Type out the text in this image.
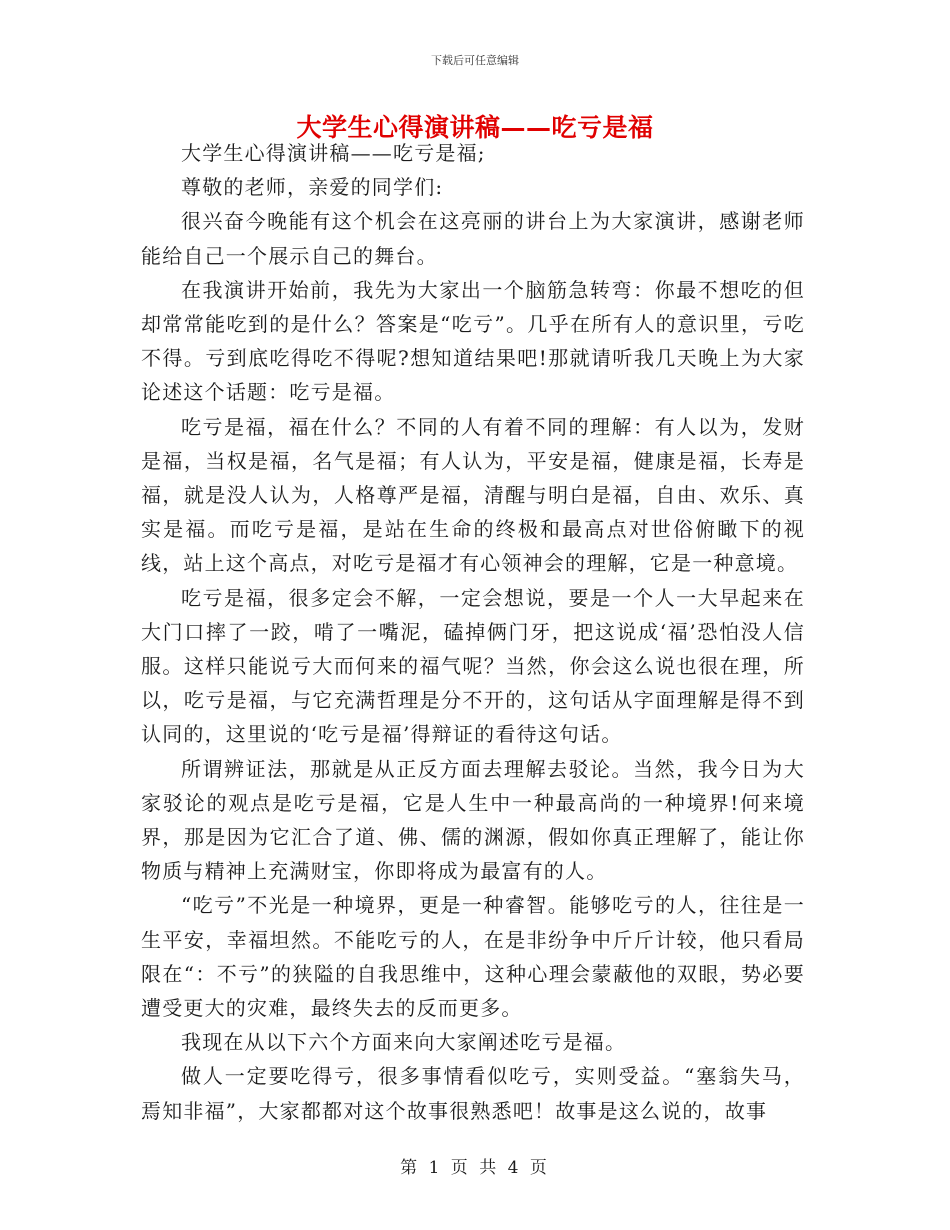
下载后可任意编辑
大学生心得演讲稿——吃亏是福

大学生心得演讲稿——吃亏是福;

尊敬的老师，亲爱的同学们:

很兴奋今晚能有这个机会在这亮丽的讲台上为大家演讲，感谢老师能给自己一个展示自己的舞台。

在我演讲开始前，我先为大家出一个脑筋急转弯：你最不想吃的但却常常能吃到的是什么？答案是“吃亏”。几乎在所有人的意识里，亏吃不得。亏到底吃得吃不得呢?想知道结果吧!那就请听我几天晚上为大家论述这个话题：吃亏是福。

吃亏是福，福在什么？不同的人有着不同的理解：有人以为，发财是福，当权是福，名气是福；有人认为，平安是福，健康是福，长寿是福，就是没人认为，人格尊严是福，清醒与明白是福，自由、欢乐、真实是福。而吃亏是福，是站在生命的终极和最高点对世俗俯瞰下的视线，站上这个高点，对吃亏是福才有心领神会的理解，它是一种意境。

吃亏是福，很多定会不解，一定会想说，要是一个人一大早起来在大门口摔了一跤，啃了一嘴泥，磕掉俩门牙，把这说成‘福’恐怕没人信服。这样只能说亏大而何来的福气呢？当然，你会这么说也很在理，所以，吃亏是福，与它充满哲理是分不开的，这句话从字面理解是得不到认同的，这里说的‘吃亏是福’得辩证的看待这句话。

所谓辨证法，那就是从正反方面去理解去驳论。当然，我今日为大家驳论的观点是吃亏是福，它是人生中一种最高尚的一种境界!何来境界，那是因为它汇合了道、佛、儒的渊源，假如你真正理解了，能让你物质与精神上充满财宝，你即将成为最富有的人。

“吃亏”不光是一种境界，更是一种睿智。能够吃亏的人，往往是一生平安，幸福坦然。不能吃亏的人，在是非纷争中斤斤计较，他只看局限在“：不亏”的狭隘的自我思维中，这种心理会蒙蔽他的双眼，势必要遭受更大的灾难，最终失去的反而更多。

我现在从以下六个方面来向大家阐述吃亏是福。

做人一定要吃得亏，很多事情看似吃亏，实则受益。“塞翁失马，焉知非福”，大家都都对这个故事很熟悉吧！故事是这么说的，故事

第 1 页 共 4 页
